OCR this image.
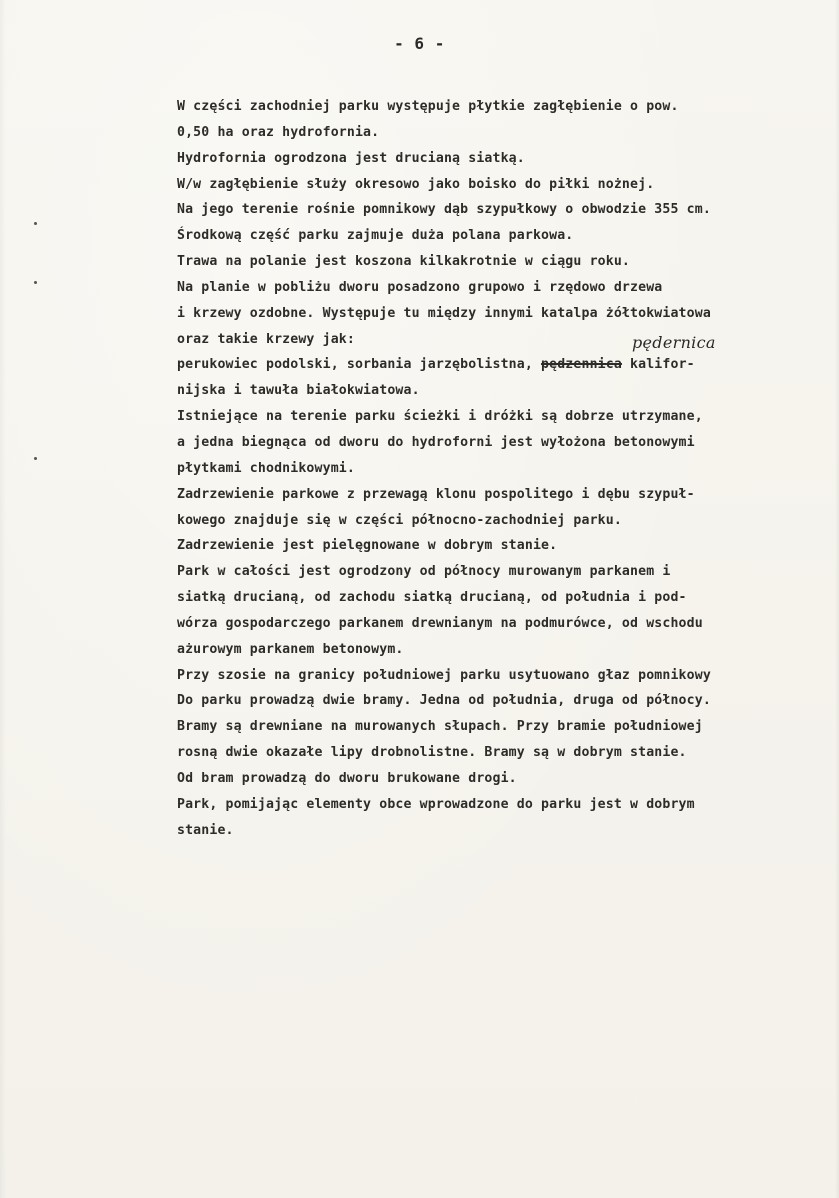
- 6 -
pędernica
W części zachodniej parku występuje płytkie zagłębienie o pow.
0,50 ha oraz hydrofornia.
Hydrofornia ogrodzona jest drucianą siatką.
W/w zagłębienie służy okresowo jako boisko do piłki nożnej.
Na jego terenie rośnie pomnikowy dąb szypułkowy o obwodzie 355 cm.
Środkową część parku zajmuje duża polana parkowa.
Trawa na polanie jest koszona kilkakrotnie w ciągu roku.
Na planie w pobliżu dworu posadzono grupowo i rzędowo drzewa
i krzewy ozdobne. Występuje tu między innymi katalpa żółtokwiatowa
oraz takie krzewy jak:
perukowiec podolski, sorbania jarzębolistna, pędzennica kalifor-
nijska i tawuła białokwiatowa.
Istniejące na terenie parku ścieżki i dróżki są dobrze utrzymane,
a jedna biegnąca od dworu do hydroforni jest wyłożona betonowymi
płytkami chodnikowymi.
Zadrzewienie parkowe z przewagą klonu pospolitego i dębu szypuł-
kowego znajduje się w części północno-zachodniej parku.
Zadrzewienie jest pielęgnowane w dobrym stanie.
Park w całości jest ogrodzony od północy murowanym parkanem i
siatką drucianą, od zachodu siatką drucianą, od południa i pod-
wórza gospodarczego parkanem drewnianym na podmurówce, od wschodu
ażurowym parkanem betonowym.
Przy szosie na granicy południowej parku usytuowano głaz pomnikowy
Do parku prowadzą dwie bramy. Jedna od południa, druga od północy.
Bramy są drewniane na murowanych słupach. Przy bramie południowej
rosną dwie okazałe lipy drobnolistne. Bramy są w dobrym stanie.
Od bram prowadzą do dworu brukowane drogi.
Park, pomijając elementy obce wprowadzone do parku jest w dobrym
stanie.
